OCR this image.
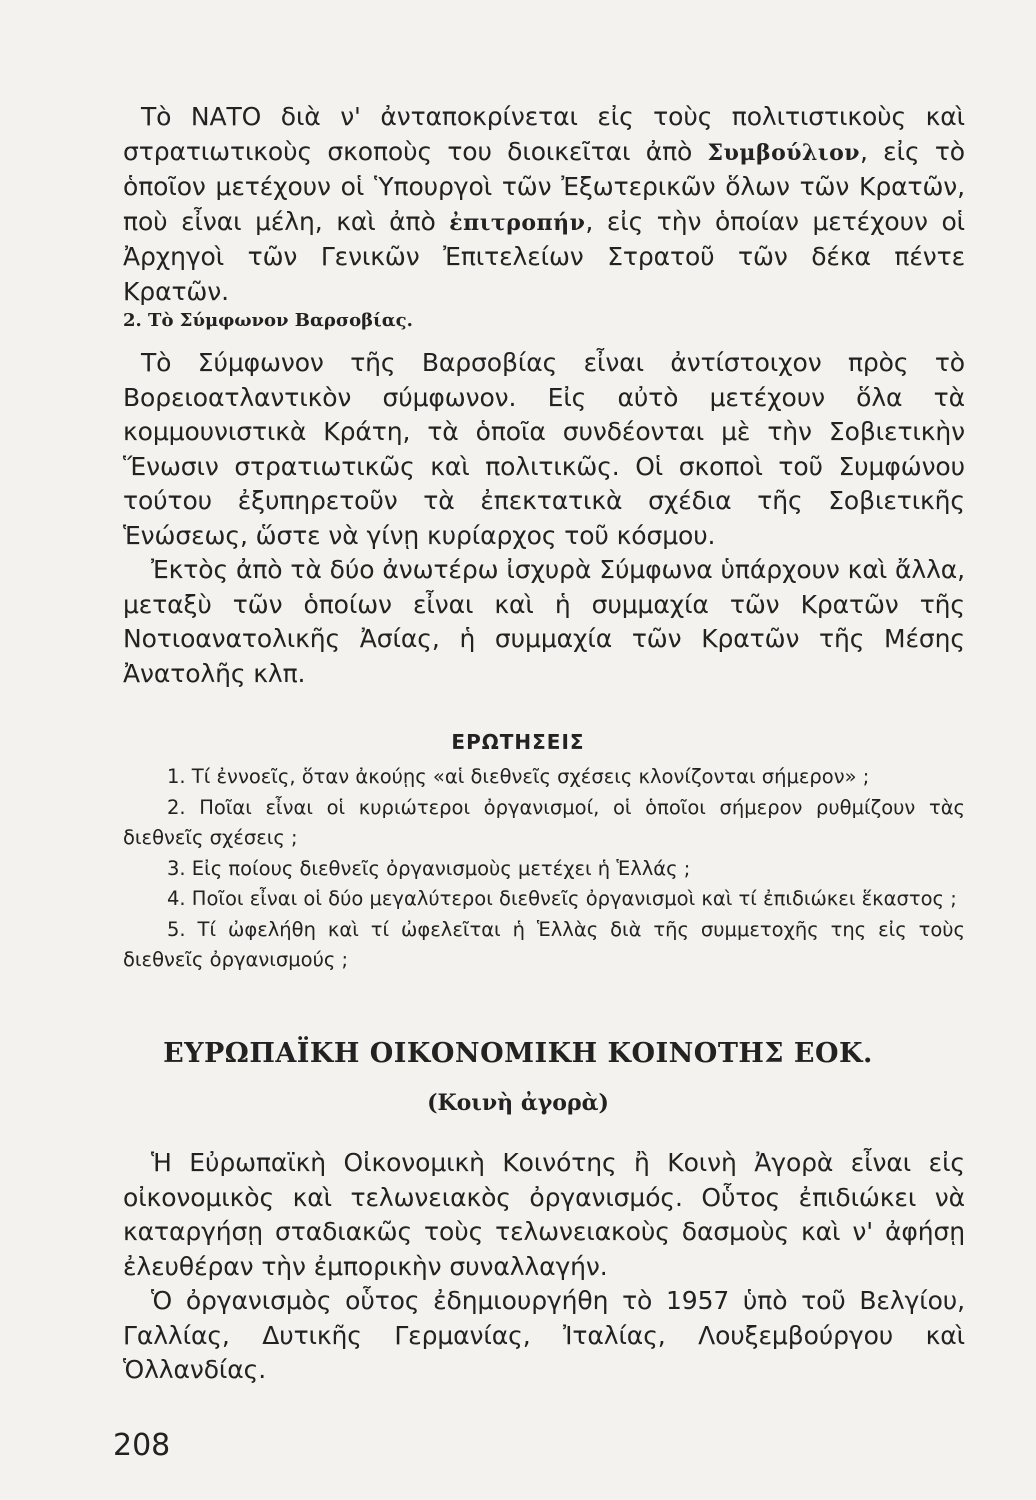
Τὸ ΝΑΤΟ διὰ ν' ἀνταποκρίνεται εἰς τοὺς πολιτιστικοὺς καὶ στρατιωτικοὺς σκοποὺς του διοικεῖται ἀπὸ Συμβούλιον, εἰς τὸ ὁποῖον μετέχουν οἱ Ὑπουργοὶ τῶν Ἐξωτερικῶν ὅλων τῶν Κρατῶν, ποὺ εἶναι μέλη, καὶ ἀπὸ ἐπιτροπήν, εἰς τὴν ὁποίαν μετέχουν οἱ Ἀρχηγοὶ τῶν Γενικῶν Ἐπιτελείων Στρατοῦ τῶν δέκα πέντε Κρατῶν.

2. Τὸ Σύμφωνον Βαρσοβίας.

Τὸ Σύμφωνον τῆς Βαρσοβίας εἶναι ἀντίστοιχον πρὸς τὸ Βορειοατλαντικὸν σύμφωνον. Εἰς αὐτὸ μετέχουν ὅλα τὰ κομμουνιστικὰ Κράτη, τὰ ὁποῖα συνδέονται μὲ τὴν Σοβιετικὴν Ἕνωσιν στρατιωτικῶς καὶ πολιτικῶς. Οἱ σκοποὶ τοῦ Συμφώνου τούτου ἐξυπηρετοῦν τὰ ἐπεκτατικὰ σχέδια τῆς Σοβιετικῆς Ἑνώσεως, ὥστε νὰ γίνῃ κυρίαρχος τοῦ κόσμου.

Ἐκτὸς ἀπὸ τὰ δύο ἀνωτέρω ἰσχυρὰ Σύμφωνα ὑπάρχουν καὶ ἄλλα, μεταξὺ τῶν ὁποίων εἶναι καὶ ἡ συμμαχία τῶν Κρατῶν τῆς Νοτιοανατολικῆς Ἀσίας, ἡ συμμαχία τῶν Κρατῶν τῆς Μέσης Ἀνατολῆς κλπ.

ΕΡΩΤΗΣΕΙΣ
1. Τί ἐννοεῖς, ὅταν ἀκούῃς «αἱ διεθνεῖς σχέσεις κλονίζονται σήμερον» ;
2. Ποῖαι εἶναι οἱ κυριώτεροι ὀργανισμοί, οἱ ὁποῖοι σήμερον ρυθμίζουν τὰς διεθνεῖς σχέσεις ;
3. Εἰς ποίους διεθνεῖς ὀργανισμοὺς μετέχει ἡ Ἑλλάς ;
4. Ποῖοι εἶναι οἱ δύο μεγαλύτεροι διεθνεῖς ὀργανισμοὶ καὶ τί ἐπιδιώκει ἕκαστος ;
5. Τί ὠφελήθη καὶ τί ὠφελεῖται ἡ Ἑλλὰς διὰ τῆς συμμετοχῆς της εἰς τοὺς διεθνεῖς ὀργανισμούς ;
ΕΥΡΩΠΑΪΚΗ ΟΙΚΟΝΟΜΙΚΗ ΚΟΙΝΟΤΗΣ ΕΟΚ.
(Κοινὴ ἀγορὰ)

Ἡ Εὐρωπαϊκὴ Οἰκονομικὴ Κοινότης ἢ Κοινὴ Ἀγορὰ εἶναι εἰς οἰκονομικὸς καὶ τελωνειακὸς ὀργανισμός. Οὗτος ἐπιδιώκει νὰ καταργήσῃ σταδιακῶς τοὺς τελωνειακοὺς δασμοὺς καὶ ν' ἀφήσῃ ἐλευθέραν τὴν ἐμπορικὴν συναλλαγήν.

Ὁ ὀργανισμὸς οὗτος ἐδημιουργήθη τὸ 1957 ὑπὸ τοῦ Βελγίου, Γαλλίας, Δυτικῆς Γερμανίας, Ἰταλίας, Λουξεμβούργου καὶ Ὁλλανδίας.

208
